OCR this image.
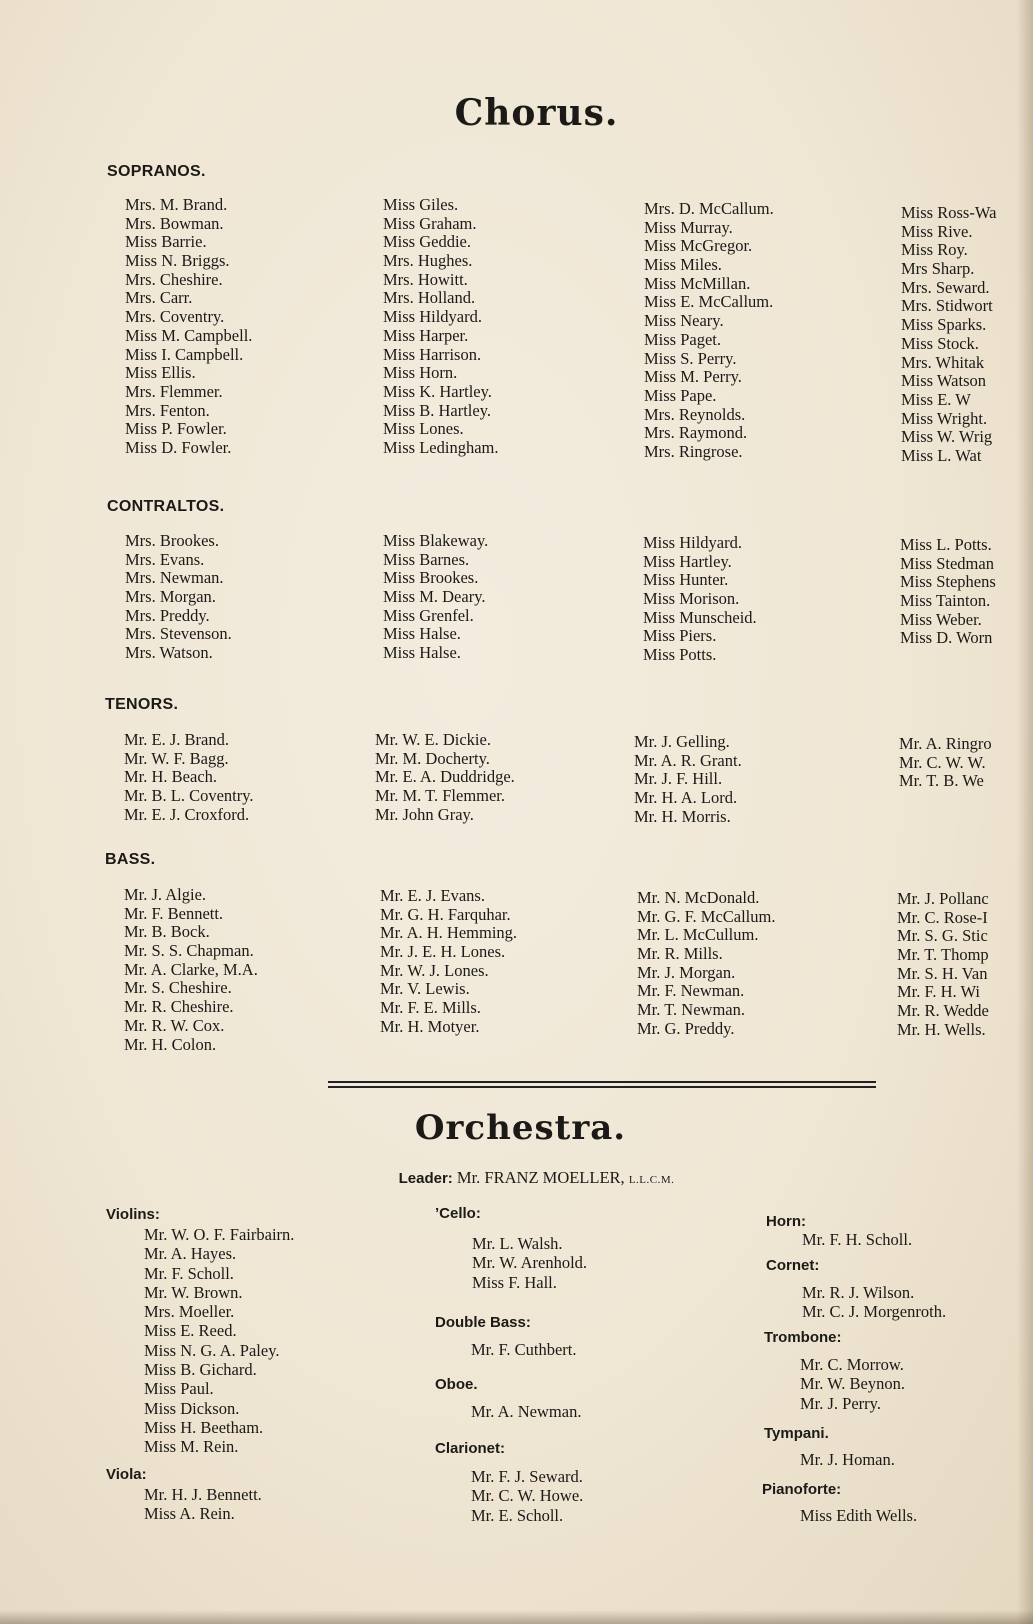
Chorus.
SOPRANOS.
Mrs. M. Brand.
Mrs. Bowman.
Miss Barrie.
Miss N. Briggs.
Mrs. Cheshire.
Mrs. Carr.
Mrs. Coventry.
Miss M. Campbell.
Miss I. Campbell.
Miss Ellis.
Mrs. Flemmer.
Mrs. Fenton.
Miss P. Fowler.
Miss D. Fowler.
Miss Giles.
Miss Graham.
Miss Geddie.
Mrs. Hughes.
Mrs. Howitt.
Mrs. Holland.
Miss Hildyard.
Miss Harper.
Miss Harrison.
Miss Horn.
Miss K. Hartley.
Miss B. Hartley.
Miss Lones.
Miss Ledingham.
Mrs. D. McCallum.
Miss Murray.
Miss McGregor.
Miss Miles.
Miss McMillan.
Miss E. McCallum.
Miss Neary.
Miss Paget.
Miss S. Perry.
Miss M. Perry.
Miss Pape.
Mrs. Reynolds.
Mrs. Raymond.
Mrs. Ringrose.
Miss Ross-Wa
Miss Rive.
Miss Roy.
Mrs Sharp.
Mrs. Seward.
Mrs. Stidwort
Miss Sparks.
Miss Stock.
Mrs. Whitak
Miss Watson
Miss E. W
Miss Wright.
Miss W. Wrig
Miss L. Wat
CONTRALTOS.
Mrs. Brookes.
Mrs. Evans.
Mrs. Newman.
Mrs. Morgan.
Mrs. Preddy.
Mrs. Stevenson.
Mrs. Watson.
Miss Blakeway.
Miss Barnes.
Miss Brookes.
Miss M. Deary.
Miss Grenfel.
Miss Halse.
Miss Halse.
Miss Hildyard.
Miss Hartley.
Miss Hunter.
Miss Morison.
Miss Munscheid.
Miss Piers.
Miss Potts.
Miss L. Potts.
Miss Stedman
Miss Stephens
Miss Tainton.
Miss Weber.
Miss D. Worn
TENORS.
Mr. E. J. Brand.
Mr. W. F. Bagg.
Mr. H. Beach.
Mr. B. L. Coventry.
Mr. E. J. Croxford.
Mr. W. E. Dickie.
Mr. M. Docherty.
Mr. E. A. Duddridge.
Mr. M. T. Flemmer.
Mr. John Gray.
Mr. J. Gelling.
Mr. A. R. Grant.
Mr. J. F. Hill.
Mr. H. A. Lord.
Mr. H. Morris.
Mr. A. Ringro
Mr. C. W. W.
Mr. T. B. We
BASS.
Mr. J. Algie.
Mr. F. Bennett.
Mr. B. Bock.
Mr. S. S. Chapman.
Mr. A. Clarke, M.A.
Mr. S. Cheshire.
Mr. R. Cheshire.
Mr. R. W. Cox.
Mr. H. Colon.
Mr. E. J. Evans.
Mr. G. H. Farquhar.
Mr. A. H. Hemming.
Mr. J. E. H. Lones.
Mr. W. J. Lones.
Mr. V. Lewis.
Mr. F. E. Mills.
Mr. H. Motyer.
Mr. N. McDonald.
Mr. G. F. McCallum.
Mr. L. McCullum.
Mr. R. Mills.
Mr. J. Morgan.
Mr. F. Newman.
Mr. T. Newman.
Mr. G. Preddy.
Mr. J. Pollanc
Mr. C. Rose-I
Mr. S. G. Stic
Mr. T. Thomp
Mr. S. H. Van
Mr. F. H. Wi
Mr. R. Wedde
Mr. H. Wells.
Orchestra.
Leader: Mr. FRANZ MOELLER, L.L.C.M.
Violins:
Mr. W. O. F. Fairbairn.
Mr. A. Hayes.
Mr. F. Scholl.
Mr. W. Brown.
Mrs. Moeller.
Miss E. Reed.
Miss N. G. A. Paley.
Miss B. Gichard.
Miss Paul.
Miss Dickson.
Miss H. Beetham.
Miss M. Rein.
Viola:
Mr. H. J. Bennett.
Miss A. Rein.
’Cello:
Mr. L. Walsh.
Mr. W. Arenhold.
Miss F. Hall.
Double Bass:
Mr. F. Cuthbert.
Oboe.
Mr. A. Newman.
Clarionet:
Mr. F. J. Seward.
Mr. C. W. Howe.
Mr. E. Scholl.
Horn:
Mr. F. H. Scholl.
Cornet:
Mr. R. J. Wilson.
Mr. C. J. Morgenroth.
Trombone:
Mr. C. Morrow.
Mr. W. Beynon.
Mr. J. Perry.
Tympani.
Mr. J. Homan.
Pianoforte:
Miss Edith Wells.
